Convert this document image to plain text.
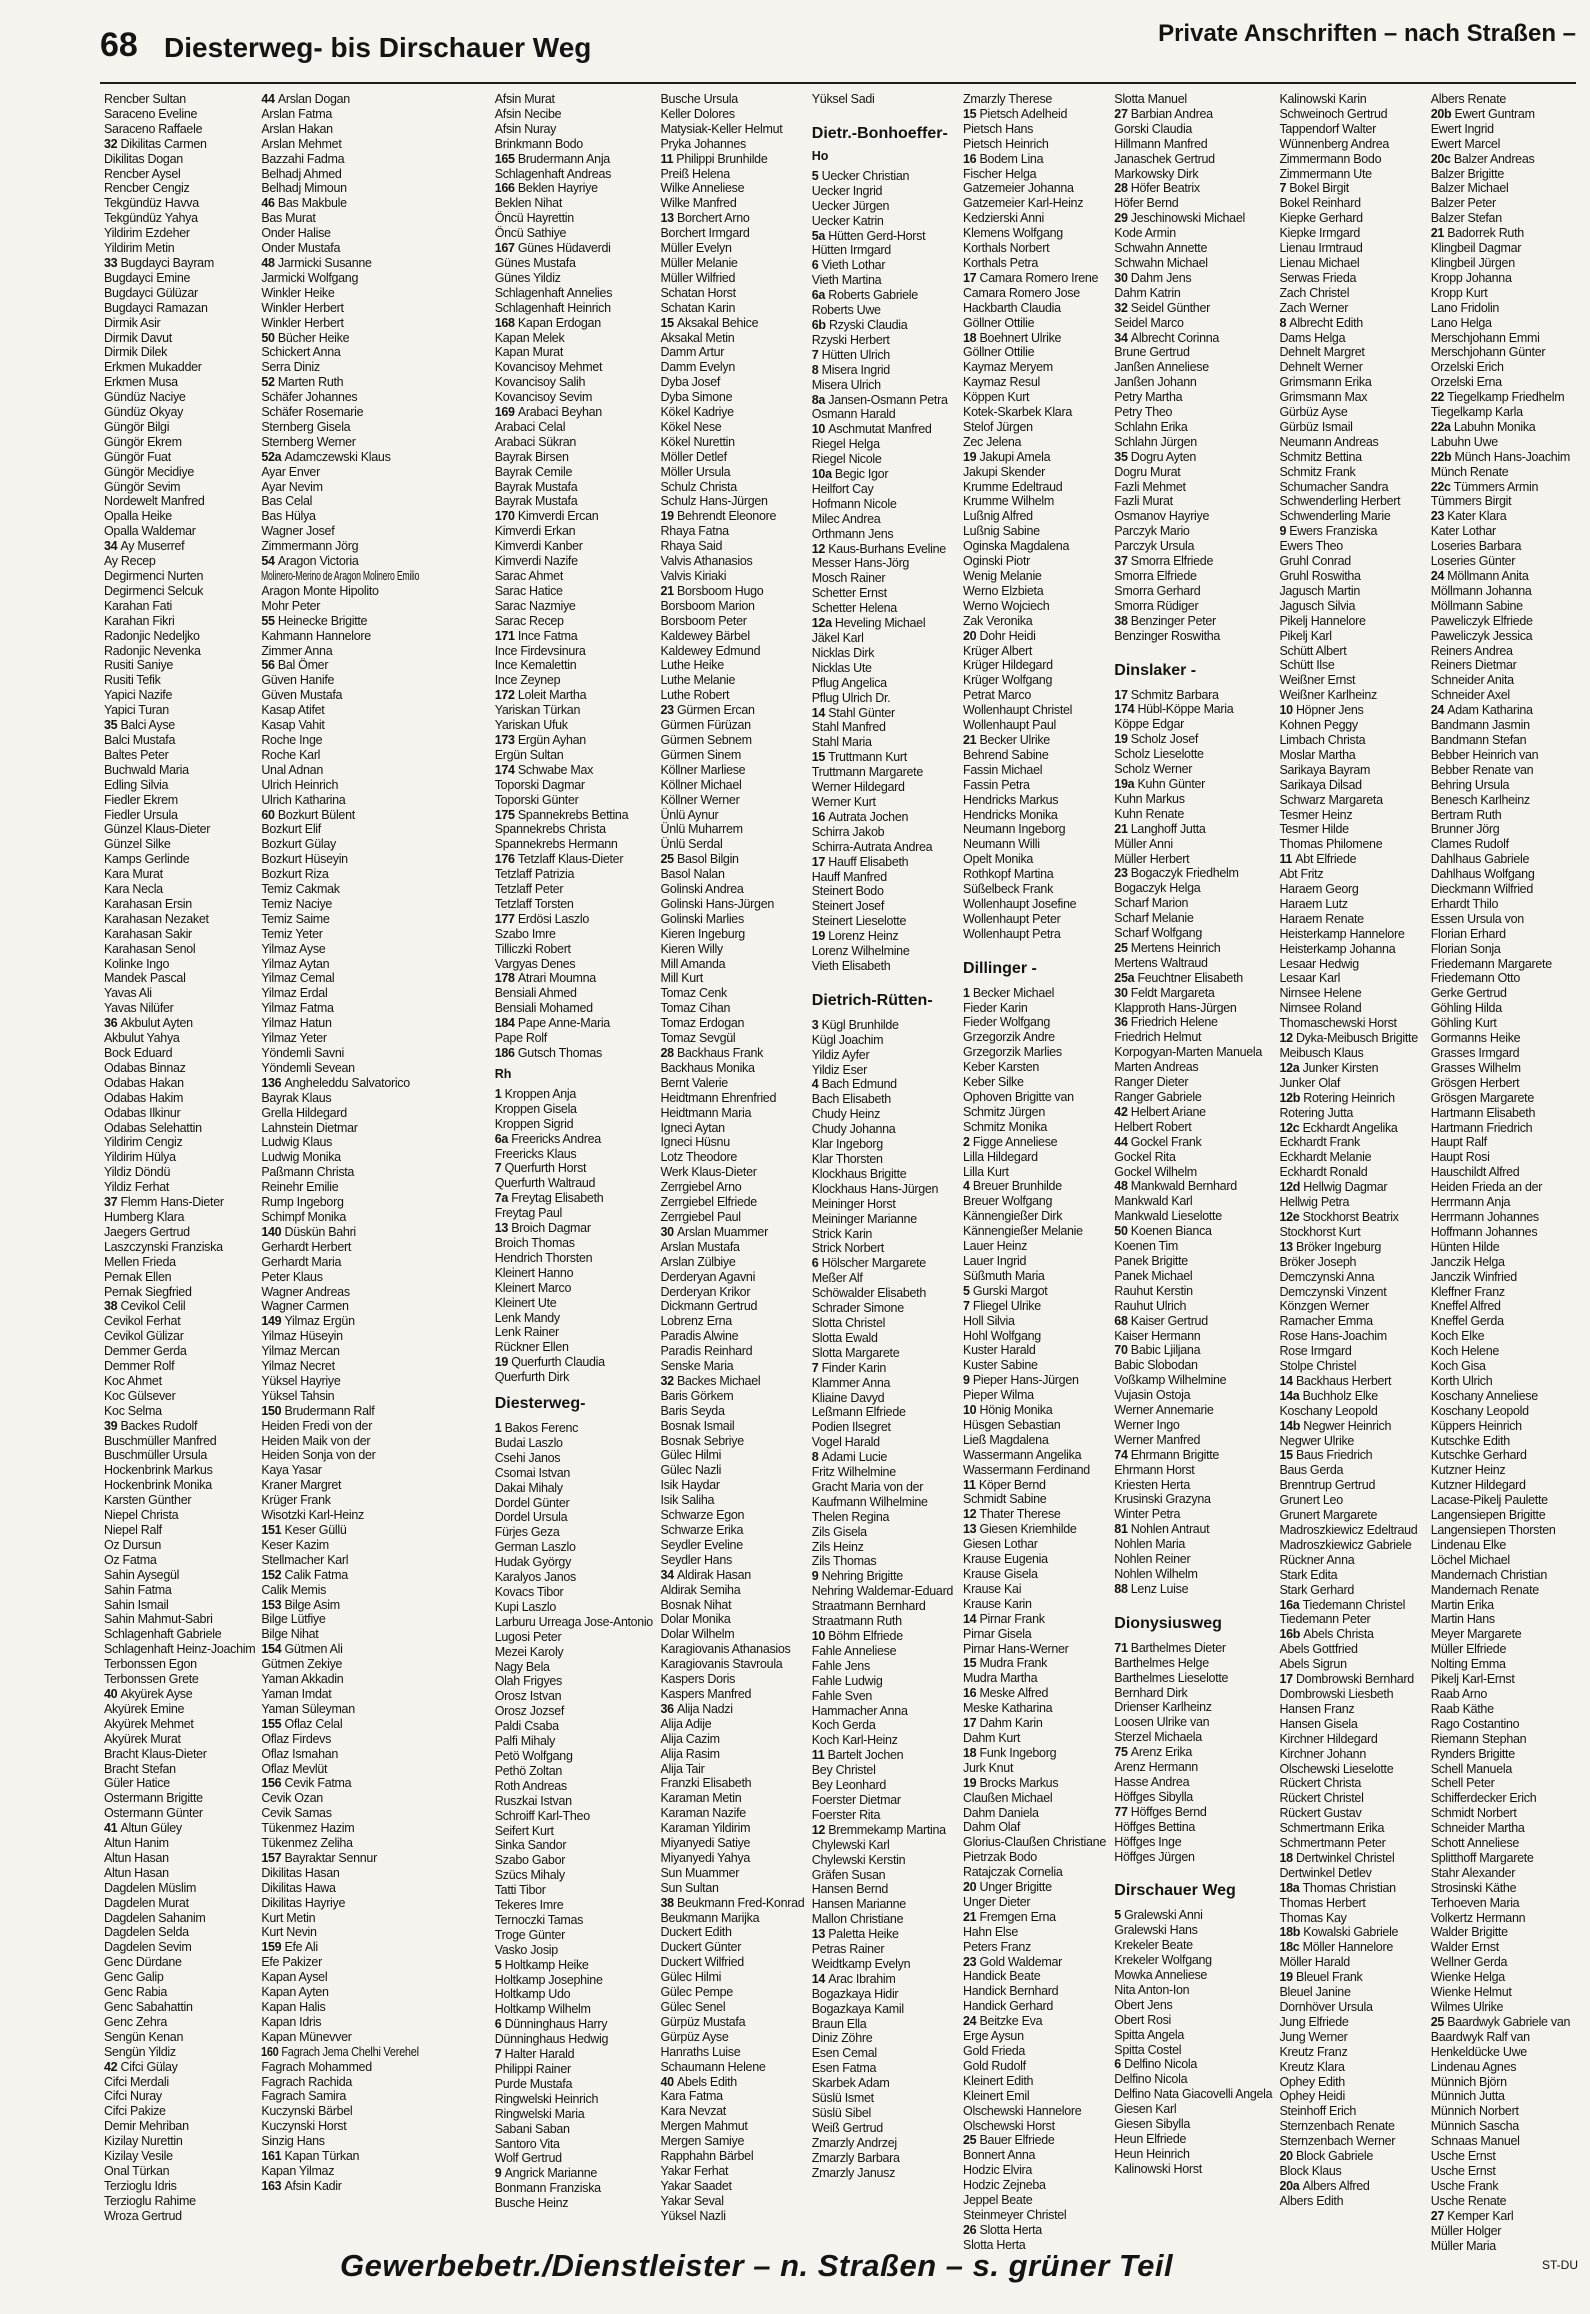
68 Diesterweg- bis Dirschauer Weg	Private Anschriften – nach Straßen –
Rencber Sultan
Saraceno Eveline
Saraceno Raffaele
32 Dikilitas Carmen
Dikilitas Dogan
Rencber Aysel
Rencber Cengiz
Tekgündüz Havva
Tekgündüz Yahya
Yildirim Ezdeher
Yildirim Metin
33 Bugdayci Bayram
Bugdayci Emine
Bugdayci Gülüzar
Bugdayci Ramazan
Dirmik Asir
Dirmik Davut
Dirmik Dilek
Erkmen Mukadder
Erkmen Musa
Gündüz Naciye
Gündüz Okyay
Güngör Bilgi
Güngör Ekrem
Güngör Fuat
Güngör Mecidiye
Güngör Sevim
Nordewelt Manfred
Opalla Heike
Opalla Waldemar
34 Ay Muserref
Ay Recep
Degirmenci Nurten
Degirmenci Selcuk
Karahan Fati
Karahan Fikri
Radonjic Nedeljko
Radonjic Nevenka
Rusiti Saniye
Rusiti Tefik
Yapici Nazife
Yapici Turan
35 Balci Ayse
Balci Mustafa
Baltes Peter
Buchwald Maria
Edling Silvia
Fiedler Ekrem
Fiedler Ursula
Günzel Klaus-Dieter
Günzel Silke
Kamps Gerlinde
Kara Murat
Kara Necla
Karahasan Ersin
Karahasan Nezaket
Karahasan Sakir
Karahasan Senol
Kolinke Ingo
Mandek Pascal
Yavas Ali
Yavas Nilüfer
36 Akbulut Ayten
Akbulut Yahya
Bock Eduard
Odabas Binnaz
Odabas Hakan
Odabas Hakim
Odabas Ilkinur
Odabas Selehattin
Yildirim Cengiz
Yildirim Hülya
Yildiz Döndü
Yildiz Ferhat
37 Flemm Hans-Dieter
Humberg Klara
Jaegers Gertrud
Laszczynski Franziska
Mellen Frieda
Pernak Ellen
Pernak Siegfried
38 Cevikol Celil
Cevikol Ferhat
Cevikol Gülizar
Demmer Gerda
Demmer Rolf
Koc Ahmet
Koc Gülsever
Koc Selma
39 Backes Rudolf
Buschmüller Manfred
Buschmüller Ursula
Hockenbrink Markus
Hockenbrink Monika
Karsten Günther
Niepel Christa
Niepel Ralf
Oz Dursun
Oz Fatma
Sahin Aysegül
Sahin Fatma
Sahin Ismail
Sahin Mahmut-Sabri
Schlagenhaft Gabriele
Schlagenhaft Heinz-Joachim
Terbonssen Egon
Terbonssen Grete
40 Akyürek Ayse
Akyürek Emine
Akyürek Mehmet
Akyürek Murat
Bracht Klaus-Dieter
Bracht Stefan
Güler Hatice
Ostermann Brigitte
Ostermann Günter
41 Altun Güley
Altun Hanim
Altun Hasan
Altun Hasan
Dagdelen Müslim
Dagdelen Murat
Dagdelen Sahanim
Dagdelen Selda
Dagdelen Sevim
Genc Dürdane
Genc Galip
Genc Rabia
Genc Sabahattin
Genc Zehra
Sengün Kenan
Sengün Yildiz
42 Cifci Gülay
Cifci Merdali
Cifci Nuray
Cifci Pakize
Demir Mehriban
Kizilay Nurettin
Kizilay Vesile
Onal Türkan
Terzioglu Idris
Terzioglu Rahime
Wroza Gertrud
44 Arslan Dogan
Arslan Fatma
Arslan Hakan
Arslan Mehmet
Bazzahi Fadma
Belhadj Ahmed
Belhadj Mimoun
46 Bas Makbule
Bas Murat
Onder Halise
Onder Mustafa
48 Jarmicki Susanne
Jarmicki Wolfgang
Winkler Heike
Winkler Herbert
Winkler Herbert
50 Bücher Heike
Schickert Anna
Serra Diniz
52 Marten Ruth
Schäfer Johannes
Schäfer Rosemarie
Sternberg Gisela
Sternberg Werner
52a Adamczewski Klaus
Ayar Enver
Ayar Nevim
Bas Celal
Bas Hülya
Wagner Josef
Zimmermann Jörg
54 Aragon Victoria
Molinero-Merino de Aragon Molinero Emilio
Aragon Monte Hipolito
Mohr Peter
55 Heinecke Brigitte
Kahmann Hannelore
Zimmer Anna
56 Bal Ömer
Güven Hanife
Güven Mustafa
Kasap Atifet
Kasap Vahit
Roche Inge
Roche Karl
Unal Adnan
Ulrich Heinrich
Ulrich Katharina
60 Bozkurt Bülent
Bozkurt Elif
Bozkurt Gülay
Bozkurt Hüseyin
Bozkurt Riza
Temiz Cakmak
Temiz Naciye
Temiz Saime
Temiz Yeter
Yilmaz Ayse
Yilmaz Aytan
Yilmaz Cemal
Yilmaz Erdal
Yilmaz Fatma
Yilmaz Hatun
Yilmaz Yeter
Yöndemli Savni
Yöndemli Sevean
136 Angheleddu Salvatorico
Bayrak Klaus
Grella Hildegard
Lahnstein Dietmar
Ludwig Klaus
Ludwig Monika
Paßmann Christa
Reinehr Emilie
Rump Ingeborg
Schimpf Monika
140 Düskün Bahri
Gerhardt Herbert
Gerhardt Maria
Peter Klaus
Wagner Andreas
Wagner Carmen
149 Yilmaz Ergün
Yilmaz Hüseyin
Yilmaz Mercan
Yilmaz Necret
Yüksel Hayriye
Yüksel Tahsin
150 Brudermann Ralf
Heiden Fredi von der
Heiden Maik von der
Heiden Sonja von der
Kaya Yasar
Kraner Margret
Krüger Frank
Wisotzki Karl-Heinz
151 Keser Güllü
Keser Kazim
Stellmacher Karl
152 Calik Fatma
Calik Memis
153 Bilge Asim
Bilge Lütfiye
Bilge Nihat
154 Gütmen Ali
Gütmen Zekiye
Yaman Akkadin
Yaman Imdat
Yaman Süleyman
155 Oflaz Celal
Oflaz Firdevs
Oflaz Ismahan
Oflaz Mevlüt
156 Cevik Fatma
Cevik Ozan
Cevik Samas
Tükenmez Hazim
Tükenmez Zeliha
157 Bayraktar Sennur
Dikilitas Hasan
Dikilitas Hawa
Dikilitas Hayriye
Kurt Metin
Kurt Nevin
159 Efe Ali
Efe Pakizer
Kapan Aysel
Kapan Ayten
Kapan Halis
Kapan Idris
Kapan Münevver
160 Fagrach Jema Chelhi Verehel
Fagrach Mohammed
Fagrach Rachida
Fagrach Samira
Kuczynski Bärbel
Kuczynski Horst
Sinzig Hans
161 Kapan Türkan
Kapan Yilmaz
163 Afsin Kadir
Afsin Murat
Afsin Necibe
Afsin Nuray
Brinkmann Bodo
165 Brudermann Anja
Schlagenhaft Andreas
166 Beklen Hayriye
Beklen Nihat
Öncü Hayrettin
Öncü Sathiye
167 Günes Hüdaverdi
Günes Mustafa
Günes Yildiz
Schlagenhaft Annelies
Schlagenhaft Heinrich
168 Kapan Erdogan
Kapan Melek
Kapan Murat
Kovancisoy Mehmet
Kovancisoy Salih
Kovancisoy Sevim
169 Arabaci Beyhan
Arabaci Celal
Arabaci Sükran
Bayrak Birsen
Bayrak Cemile
Bayrak Mustafa
Bayrak Mustafa
170 Kimverdi Ercan
Kimverdi Erkan
Kimverdi Kanber
Kimverdi Nazife
Sarac Ahmet
Sarac Hatice
Sarac Nazmiye
Sarac Recep
171 Ince Fatma
Ince Firdevsinura
Ince Kemalettin
Ince Zeynep
172 Loleit Martha
Yariskan Türkan
Yariskan Ufuk
173 Ergün Ayhan
Ergün Sultan
174 Schwabe Max
Toporski Dagmar
Toporski Günter
175 Spannekrebs Bettina
Spannekrebs Christa
Spannekrebs Hermann
176 Tetzlaff Klaus-Dieter
Tetzlaff Patrizia
Tetzlaff Peter
Tetzlaff Torsten
177 Erdösi Laszlo
Szabo Imre
Tilliczki Robert
Vargyas Denes
178 Atrari Moumna
Bensiali Ahmed
Bensiali Mohamed
184 Pape Anne-Maria
Pape Rolf
186 Gutsch Thomas
Rh
1 Kroppen Anja
Kroppen Gisela
Kroppen Sigrid
6a Freericks Andrea
Freericks Klaus
7 Querfurth Horst
Querfurth Waltraud
7a Freytag Elisabeth
Freytag Paul
13 Broich Dagmar
Broich Thomas
Hendrich Thorsten
Kleinert Hanno
Kleinert Marco
Kleinert Ute
Lenk Mandy
Lenk Rainer
Rückner Ellen
19 Querfurth Claudia
Querfurth Dirk
Diesterweg-
1 Bakos Ferenc
Budai Laszlo
Csehi Janos
Csomai Istvan
Dakai Mihaly
Dordel Günter
Dordel Ursula
Fürjes Geza
German Laszlo
Hudak György
Karalyos Janos
Kovacs Tibor
Kupi Laszlo
Larburu Urreaga Jose-Antonio
Lugosi Peter
Mezei Karoly
Nagy Bela
Olah Frigyes
Orosz Istvan
Orosz Jozsef
Paldi Csaba
Palfi Mihaly
Petö Wolfgang
Pethö Zoltan
Roth Andreas
Ruszkai Istvan
Schroiff Karl-Theo
Seifert Kurt
Sinka Sandor
Szabo Gabor
Szücs Mihaly
Tatti Tibor
Tekeres Imre
Ternoczki Tamas
Troge Günter
Vasko Josip
5 Holtkamp Heike
Holtkamp Josephine
Holtkamp Udo
Holtkamp Wilhelm
6 Dünninghaus Harry
Dünninghaus Hedwig
7 Halter Harald
Philippi Rainer
Purde Mustafa
Ringwelski Heinrich
Ringwelski Maria
Sabani Saban
Santoro Vita
Wolf Gertrud
9 Angrick Marianne
Bonmann Franziska
Busche Heinz
Busche Ursula
Keller Dolores
Matysiak-Keller Helmut
Pryka Johannes
11 Philippi Brunhilde
Preiß Helena
Wilke Anneliese
Wilke Manfred
13 Borchert Arno
Borchert Irmgard
Müller Evelyn
Müller Melanie
Müller Wilfried
Schatan Horst
Schatan Karin
15 Aksakal Behice
Aksakal Metin
Damm Artur
Damm Evelyn
Dyba Josef
Dyba Simone
Kökel Kadriye
Kökel Nese
Kökel Nurettin
Möller Detlef
Möller Ursula
Schulz Christa
Schulz Hans-Jürgen
19 Behrendt Eleonore
Rhaya Fatna
Rhaya Said
Valvis Athanasios
Valvis Kiriaki
21 Borsboom Hugo
Borsboom Marion
Borsboom Peter
Kaldewey Bärbel
Kaldewey Edmund
Luthe Heike
Luthe Melanie
Luthe Robert
23 Gürmen Ercan
Gürmen Fürüzan
Gürmen Sebnem
Gürmen Sinem
Köllner Marliese
Köllner Michael
Köllner Werner
Ünlü Aynur
Ünlü Muharrem
Ünlü Serdal
25 Basol Bilgin
Basol Nalan
Golinski Andrea
Golinski Hans-Jürgen
Golinski Marlies
Kieren Ingeburg
Kieren Willy
Mill Amanda
Mill Kurt
Tomaz Cenk
Tomaz Cihan
Tomaz Erdogan
Tomaz Sevgül
28 Backhaus Frank
Backhaus Monika
Bernt Valerie
Heidtmann Ehrenfried
Heidtmann Maria
Igneci Aytan
Igneci Hüsnu
Lotz Theodore
Werk Klaus-Dieter
Zerrgiebel Arno
Zerrgiebel Elfriede
Zerrgiebel Paul
30 Arslan Muammer
Arslan Mustafa
Arslan Zülbiye
Derderyan Agavni
Derderyan Krikor
Dickmann Gertrud
Lobrenz Erna
Paradis Alwine
Paradis Reinhard
Senske Maria
32 Backes Michael
Baris Görkem
Baris Seyda
Bosnak Ismail
Bosnak Sebriye
Gülec Hilmi
Gülec Nazli
Isik Haydar
Isik Saliha
Schwarze Egon
Schwarze Erika
Seydler Eveline
Seydler Hans
34 Aldirak Hasan
Aldirak Semiha
Bosnak Nihat
Dolar Monika
Dolar Wilhelm
Karagiovanis Athanasios
Karagiovanis Stavroula
Kaspers Doris
Kaspers Manfred
36 Alija Nadzi
Alija Adije
Alija Cazim
Alija Rasim
Alija Tair
Franzki Elisabeth
Karaman Metin
Karaman Nazife
Karaman Yildirim
Miyanyedi Satiye
Miyanyedi Yahya
Sun Muammer
Sun Sultan
38 Beukmann Fred-Konrad
Beukmann Marijka
Duckert Edith
Duckert Günter
Duckert Wilfried
Gülec Hilmi
Gülec Pempe
Gülec Senel
Gürpüz Mustafa
Gürpüz Ayse
Hanraths Luise
Schaumann Helene
40 Abels Edith
Kara Fatma
Kara Nevzat
Mergen Mahmut
Mergen Samiye
Rapphahn Bärbel
Yakar Ferhat
Yakar Saadet
Yakar Seval
Yüksel Nazli
Yüksel Sadi
Dietr.-Bonhoeffer-
Ho
5 Uecker Christian
Uecker Ingrid
Uecker Jürgen
Uecker Katrin
5a Hütten Gerd-Horst
Hütten Irmgard
6 Vieth Lothar
Vieth Martina
6a Roberts Gabriele
Roberts Uwe
6b Rzyski Claudia
Rzyski Herbert
7 Hütten Ulrich
8 Misera Ingrid
Misera Ulrich
8a Jansen-Osmann Petra
Osmann Harald
10 Aschmutat Manfred
Riegel Helga
Riegel Nicole
10a Begic Igor
Heilfort Cay
Hofmann Nicole
Milec Andrea
Orthmann Jens
12 Kaus-Burhans Eveline
Messer Hans-Jörg
Mosch Rainer
Schetter Ernst
Schetter Helena
12a Heveling Michael
Jäkel Karl
Nicklas Dirk
Nicklas Ute
Pflug Angelica
Pflug Ulrich Dr.
14 Stahl Günter
Stahl Manfred
Stahl Maria
15 Truttmann Kurt
Truttmann Margarete
Werner Hildegard
Werner Kurt
16 Autrata Jochen
Schirra Jakob
Schirra-Autrata Andrea
17 Hauff Elisabeth
Hauff Manfred
Steinert Bodo
Steinert Josef
Steinert Lieselotte
19 Lorenz Heinz
Lorenz Wilhelmine
Vieth Elisabeth
Dietrich-Rütten-
3 Kügl Brunhilde
Kügl Joachim
Yildiz Ayfer
Yildiz Eser
4 Bach Edmund
Bach Elisabeth
Chudy Heinz
Chudy Johanna
Klar Ingeborg
Klar Thorsten
Klockhaus Brigitte
Klockhaus Hans-Jürgen
Meininger Horst
Meininger Marianne
Strick Karin
Strick Norbert
6 Hölscher Margarete
Meßer Alf
Schöwalder Elisabeth
Schrader Simone
Slotta Christel
Slotta Ewald
Slotta Margarete
7 Finder Karin
Klammer Anna
Kliaine Davyd
Leßmann Elfriede
Podien Ilsegret
Vogel Harald
8 Adami Lucie
Fritz Wilhelmine
Gracht Maria von der
Kaufmann Wilhelmine
Thelen Regina
Zils Gisela
Zils Heinz
Zils Thomas
9 Nehring Brigitte
Nehring Waldemar-Eduard
Straatmann Bernhard
Straatmann Ruth
10 Böhm Elfriede
Fahle Anneliese
Fahle Jens
Fahle Ludwig
Fahle Sven
Hammacher Anna
Koch Gerda
Koch Karl-Heinz
11 Bartelt Jochen
Bey Christel
Bey Leonhard
Foerster Dietmar
Foerster Rita
12 Bremmekamp Martina
Chylewski Karl
Chylewski Kerstin
Gräfen Susan
Hansen Bernd
Hansen Marianne
Mallon Christiane
13 Paletta Heike
Petras Rainer
Weidtkamp Evelyn
14 Arac Ibrahim
Bogazkaya Hidir
Bogazkaya Kamil
Braun Ella
Diniz Zöhre
Esen Cemal
Esen Fatma
Skarbek Adam
Süslü Ismet
Süslü Sibel
Weiß Gertrud
Zmarzly Andrzej
Zmarzly Barbara
Zmarzly Janusz
Zmarzly Therese
15 Pietsch Adelheid
Pietsch Hans
Pietsch Heinrich
16 Bodem Lina
Fischer Helga
Gatzemeier Johanna
Gatzemeier Karl-Heinz
Kedzierski Anni
Klemens Wolfgang
Korthals Norbert
Korthals Petra
17 Camara Romero Irene
Camara Romero Jose
Hackbarth Claudia
Göllner Ottilie
18 Boehnert Ulrike
Göllner Ottilie
Kaymaz Meryem
Kaymaz Resul
Köppen Kurt
Kotek-Skarbek Klara
Stelof Jürgen
Zec Jelena
19 Jakupi Amela
Jakupi Skender
Krumme Edeltraud
Krumme Wilhelm
Lußnig Alfred
Lußnig Sabine
Oginska Magdalena
Oginski Piotr
Wenig Melanie
Werno Elzbieta
Werno Wojciech
Zak Veronika
20 Dohr Heidi
Krüger Albert
Krüger Hildegard
Krüger Wolfgang
Petrat Marco
Wollenhaupt Christel
Wollenhaupt Paul
21 Becker Ulrike
Behrend Sabine
Fassin Michael
Fassin Petra
Hendricks Markus
Hendricks Monika
Neumann Ingeborg
Neumann Willi
Opelt Monika
Rothkopf Martina
Süßelbeck Frank
Wollenhaupt Josefine
Wollenhaupt Peter
Wollenhaupt Petra
Dillinger -
1 Becker Michael
Fieder Karin
Fieder Wolfgang
Grzegorzik Andre
Grzegorzik Marlies
Keber Karsten
Keber Silke
Ophoven Brigitte van
Schmitz Jürgen
Schmitz Monika
2 Figge Anneliese
Lilla Hildegard
Lilla Kurt
4 Breuer Brunhilde
Breuer Wolfgang
Kännengießer Dirk
Kännengießer Melanie
Lauer Heinz
Lauer Ingrid
Süßmuth Maria
5 Gurski Margot
7 Fliegel Ulrike
Holl Silvia
Hohl Wolfgang
Kuster Harald
Kuster Sabine
9 Pieper Hans-Jürgen
Pieper Wilma
10 Hönig Monika
Hüsgen Sebastian
Ließ Magdalena
Wassermann Angelika
Wassermann Ferdinand
11 Köper Bernd
Schmidt Sabine
12 Thater Therese
13 Giesen Kriemhilde
Giesen Lothar
Krause Eugenia
Krause Gisela
Krause Kai
Krause Karin
14 Pirnar Frank
Pirnar Gisela
Pirnar Hans-Werner
15 Mudra Frank
Mudra Martha
16 Meske Alfred
Meske Katharina
17 Dahm Karin
Dahm Kurt
18 Funk Ingeborg
Jurk Knut
19 Brocks Markus
Claußen Michael
Dahm Daniela
Dahm Olaf
Glorius-Claußen Christiane
Pietrzak Bodo
Ratajczak Cornelia
20 Unger Brigitte
Unger Dieter
21 Fremgen Erna
Hahn Else
Peters Franz
23 Gold Waldemar
Handick Beate
Handick Bernhard
Handick Gerhard
24 Beitzke Eva
Erge Aysun
Gold Frieda
Gold Rudolf
Kleinert Edith
Kleinert Emil
Olschewski Hannelore
Olschewski Horst
25 Bauer Elfriede
Bonnert Anna
Hodzic Elvira
Hodzic Zejneba
Jeppel Beate
Steinmeyer Christel
26 Slotta Herta
Slotta Herta
Slotta Manuel
27 Barbian Andrea
Gorski Claudia
Hillmann Manfred
Janaschek Gertrud
Markowsky Dirk
28 Höfer Beatrix
Höfer Bernd
29 Jeschinowski Michael
Kode Armin
Schwahn Annette
Schwahn Michael
30 Dahm Jens
Dahm Katrin
32 Seidel Günther
Seidel Marco
34 Albrecht Corinna
Brune Gertrud
Janßen Anneliese
Janßen Johann
Petry Martha
Petry Theo
Schlahn Erika
Schlahn Jürgen
35 Dogru Ayten
Dogru Murat
Fazli Mehmet
Fazli Murat
Osmanov Hayriye
Parczyk Mario
Parczyk Ursula
37 Smorra Elfriede
Smorra Elfriede
Smorra Gerhard
Smorra Rüdiger
38 Benzinger Peter
Benzinger Roswitha
Dinslaker -
17 Schmitz Barbara
174 Hübl-Köppe Maria
Köppe Edgar
19 Scholz Josef
Scholz Lieselotte
Scholz Werner
19a Kuhn Günter
Kuhn Markus
Kuhn Renate
21 Langhoff Jutta
Müller Anni
Müller Herbert
23 Bogaczyk Friedhelm
Bogaczyk Helga
Scharf Marion
Scharf Melanie
Scharf Wolfgang
25 Mertens Heinrich
Mertens Waltraud
25a Feuchtner Elisabeth
30 Feldt Margareta
Klapproth Hans-Jürgen
36 Friedrich Helene
Friedrich Helmut
Korpogyan-Marten Manuela
Marten Andreas
Ranger Dieter
Ranger Gabriele
42 Helbert Ariane
Helbert Robert
44 Gockel Frank
Gockel Rita
Gockel Wilhelm
48 Mankwald Bernhard
Mankwald Karl
Mankwald Lieselotte
50 Koenen Bianca
Koenen Tim
Panek Brigitte
Panek Michael
Rauhut Kerstin
Rauhut Ulrich
68 Kaiser Gertrud
Kaiser Hermann
70 Babic Ljiljana
Babic Slobodan
Voßkamp Wilhelmine
Vujasin Ostoja
Werner Annemarie
Werner Ingo
Werner Manfred
74 Ehrmann Brigitte
Ehrmann Horst
Kriesten Herta
Krusinski Grazyna
Winter Petra
81 Nohlen Antraut
Nohlen Maria
Nohlen Reiner
Nohlen Wilhelm
88 Lenz Luise
Dionysiusweg
71 Barthelmes Dieter
Barthelmes Helge
Barthelmes Lieselotte
Bernhard Dirk
Drienser Karlheinz
Loosen Ulrike van
Sterzel Michaela
75 Arenz Erika
Arenz Hermann
Hasse Andrea
Höffges Sibylla
77 Höffges Bernd
Höffges Bettina
Höffges Inge
Höffges Jürgen
Dirschauer Weg
5 Gralewski Anni
Gralewski Hans
Krekeler Beate
Krekeler Wolfgang
Mowka Anneliese
Nita Anton-Ion
Obert Jens
Obert Rosi
Spitta Angela
Spitta Costel
6 Delfino Nicola
Delfino Nicola
Delfino Nata Giacovelli Angela
Giesen Karl
Giesen Sibylla
Heun Elfriede
Heun Heinrich
Kalinowski Horst
Kalinowski Karin
Schweinoch Gertrud
Tappendorf Walter
Wünnenberg Andrea
Zimmermann Bodo
Zimmermann Ute
7 Bokel Birgit
Bokel Reinhard
Kiepke Gerhard
Kiepke Irmgard
Lienau Irmtraud
Lienau Michael
Serwas Frieda
Zach Christel
Zach Werner
8 Albrecht Edith
Dams Helga
Dehnelt Margret
Dehnelt Werner
Grimsmann Erika
Grimsmann Max
Gürbüz Ayse
Gürbüz Ismail
Neumann Andreas
Schmitz Bettina
Schmitz Frank
Schumacher Sandra
Schwenderling Herbert
Schwenderling Marie
9 Ewers Franziska
Ewers Theo
Gruhl Conrad
Gruhl Roswitha
Jagusch Martin
Jagusch Silvia
Pikelj Hannelore
Pikelj Karl
Schütt Albert
Schütt Ilse
Weißner Ernst
Weißner Karlheinz
10 Höpner Jens
Kohnen Peggy
Limbach Christa
Moslar Martha
Sarikaya Bayram
Sarikaya Dilsad
Schwarz Margareta
Tesmer Heinz
Tesmer Hilde
Thomas Philomene
11 Abt Elfriede
Abt Fritz
Haraem Georg
Haraem Lutz
Haraem Renate
Heisterkamp Hannelore
Heisterkamp Johanna
Lesaar Hedwig
Lesaar Karl
Nirnsee Helene
Nirnsee Roland
Thomaschewski Horst
12 Dyka-Meibusch Brigitte
Meibusch Klaus
12a Junker Kirsten
Junker Olaf
12b Rotering Heinrich
Rotering Jutta
12c Eckhardt Angelika
Eckhardt Frank
Eckhardt Melanie
Eckhardt Ronald
12d Hellwig Dagmar
Hellwig Petra
12e Stockhorst Beatrix
Stockhorst Kurt
13 Bröker Ingeburg
Bröker Joseph
Demczynski Anna
Demczynski Vinzent
Könzgen Werner
Ramacher Emma
Rose Hans-Joachim
Rose Irmgard
Stolpe Christel
14 Backhaus Herbert
14a Buchholz Elke
Koschany Leopold
14b Negwer Heinrich
Negwer Ulrike
15 Baus Friedrich
Baus Gerda
Brenntrup Gertrud
Grunert Leo
Grunert Margarete
Madroszkiewicz Edeltraud
Madroszkiewicz Gabriele
Rückner Anna
Stark Edita
Stark Gerhard
16a Tiedemann Christel
Tiedemann Peter
16b Abels Christa
Abels Gottfried
Abels Sigrun
17 Dombrowski Bernhard
Dombrowski Liesbeth
Hansen Franz
Hansen Gisela
Kirchner Hildegard
Kirchner Johann
Olschewski Lieselotte
Rückert Christa
Rückert Christel
Rückert Gustav
Schmertmann Erika
Schmertmann Peter
18 Dertwinkel Christel
Dertwinkel Detlev
18a Thomas Christian
Thomas Herbert
Thomas Kay
18b Kowalski Gabriele
18c Möller Hannelore
Möller Harald
19 Bleuel Frank
Bleuel Janine
Dornhöver Ursula
Jung Elfriede
Jung Werner
Kreutz Franz
Kreutz Klara
Ophey Edith
Ophey Heidi
Steinhoff Erich
Sternzenbach Renate
Sternzenbach Werner
20 Block Gabriele
Block Klaus
20a Albers Alfred
Albers Edith
Albers Renate
20b Ewert Guntram
Ewert Ingrid
Ewert Marcel
20c Balzer Andreas
Balzer Brigitte
Balzer Michael
Balzer Peter
Balzer Stefan
21 Badorrek Ruth
Klingbeil Dagmar
Klingbeil Jürgen
Kropp Johanna
Kropp Kurt
Lano Fridolin
Lano Helga
Merschjohann Emmi
Merschjohann Günter
Orzelski Erich
Orzelski Erna
22 Tiegelkamp Friedhelm
Tiegelkamp Karla
22a Labuhn Monika
Labuhn Uwe
22b Münch Hans-Joachim
Münch Renate
22c Tümmers Armin
Tümmers Birgit
23 Kater Klara
Kater Lothar
Loseries Barbara
Loseries Günter
24 Möllmann Anita
Möllmann Johanna
Möllmann Sabine
Paweliczyk Elfriede
Paweliczyk Jessica
Reiners Andrea
Reiners Dietmar
Schneider Anita
Schneider Axel
24 Adam Katharina
Bandmann Jasmin
Bandmann Stefan
Bebber Heinrich van
Bebber Renate van
Behring Ursula
Benesch Karlheinz
Bertram Ruth
Brunner Jörg
Clames Rudolf
Dahlhaus Gabriele
Dahlhaus Wolfgang
Dieckmann Wilfried
Erhardt Thilo
Essen Ursula von
Florian Erhard
Florian Sonja
Friedemann Margarete
Friedemann Otto
Gerke Gertrud
Göhling Hilda
Göhling Kurt
Gormanns Heike
Grasses Irmgard
Grasses Wilhelm
Grösgen Herbert
Grösgen Margarete
Hartmann Elisabeth
Hartmann Friedrich
Haupt Ralf
Haupt Rosi
Hauschildt Alfred
Heiden Frieda an der
Herrmann Anja
Herrmann Johannes
Hoffmann Johannes
Hünten Hilde
Janczik Helga
Janczik Winfried
Kleffner Franz
Kneffel Alfred
Kneffel Gerda
Koch Elke
Koch Helene
Koch Gisa
Korth Ulrich
Koschany Anneliese
Koschany Leopold
Küppers Heinrich
Kutschke Edith
Kutschke Gerhard
Kutzner Heinz
Kutzner Hildegard
Lacase-Pikelj Paulette
Langensiepen Brigitte
Langensiepen Thorsten
Lindenau Elke
Löchel Michael
Mandernach Christian
Mandernach Renate
Martin Erika
Martin Hans
Meyer Margarete
Müller Elfriede
Nolting Emma
Pikelj Karl-Ernst
Raab Arno
Raab Käthe
Rago Costantino
Riemann Stephan
Rynders Brigitte
Schell Manuela
Schell Peter
Schifferdecker Erich
Schmidt Norbert
Schneider Martha
Schott Anneliese
Splitthoff Margarete
Stahr Alexander
Strosinski Käthe
Terhoeven Maria
Volkertz Hermann
Walder Brigitte
Walder Ernst
Wellner Gerda
Wienke Helga
Wienke Helmut
Wilmes Ulrike
25 Baardwyk Gabriele van
Baardwyk Ralf van
Henkeldücke Uwe
Lindenau Agnes
Münnich Björn
Münnich Jutta
Münnich Norbert
Münnich Sascha
Schnaas Manuel
Usche Ernst
Usche Ernst
Usche Frank
Usche Renate
27 Kemper Karl
Müller Holger
Müller Maria
Gewerbebetr./Dienstleister – n. Straßen – s. grüner Teil	ST-DU
